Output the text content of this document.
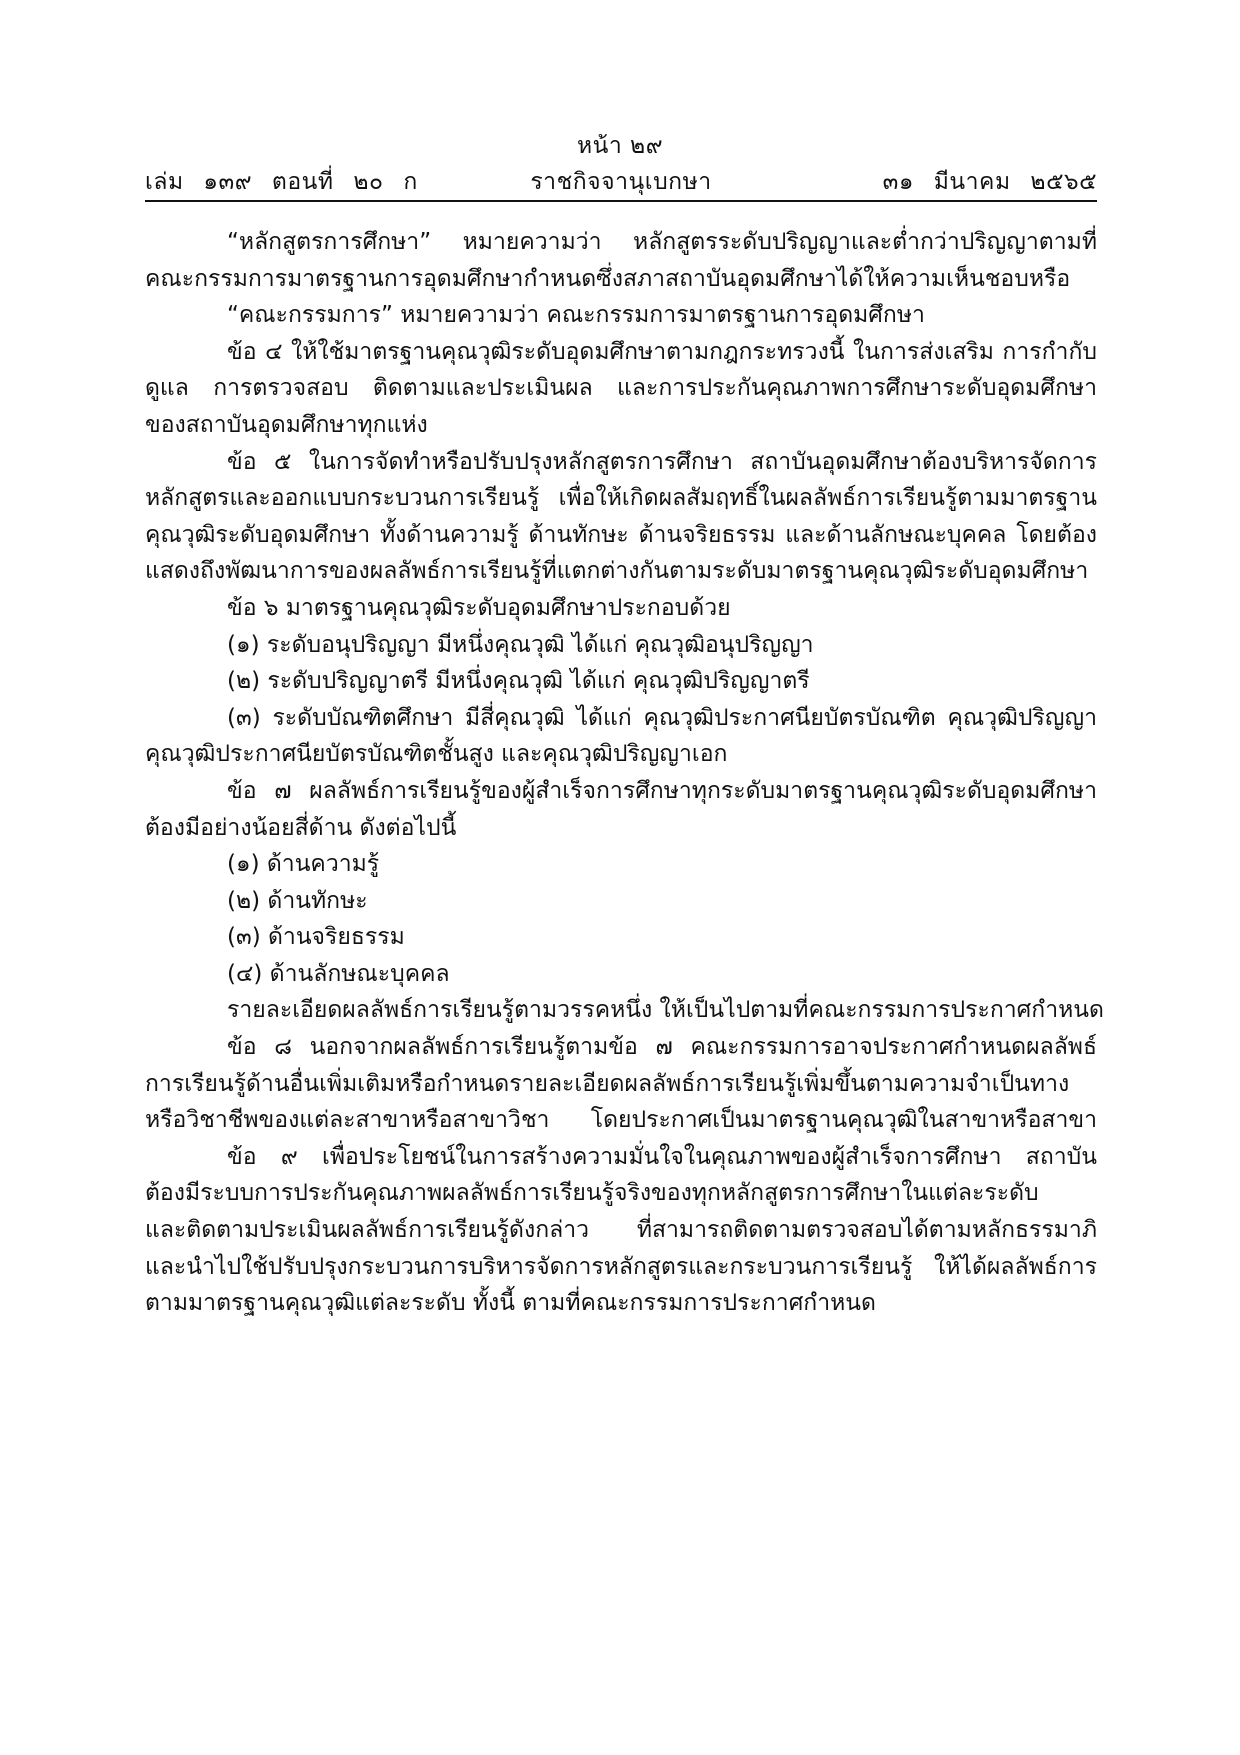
หน้า ๒๙
เล่ม ๑๓๙ ตอนที่ ๒๐ ก	ราชกิจจานุเบกษา	๓๑ มีนาคม ๒๕๖๕
“หลักสูตรการศึกษา” หมายความว่า หลักสูตรระดับปริญญาและต่ำกว่าปริญญาตามที่
คณะกรรมการมาตรฐานการอุดมศึกษากำหนดซึ่งสภาสถาบันอุดมศึกษาได้ให้ความเห็นชอบหรือ
“คณะกรรมการ” หมายความว่า คณะกรรมการมาตรฐานการอุดมศึกษา
ข้อ ๔ ให้ใช้มาตรฐานคุณวุฒิระดับอุดมศึกษาตามกฎกระทรวงนี้ ในการส่งเสริม การกำกับ
ดูแล การตรวจสอบ ติดตามและประเมินผล และการประกันคุณภาพการศึกษาระดับอุดมศึกษา
ของสถาบันอุดมศึกษาทุกแห่ง
ข้อ ๕ ในการจัดทำหรือปรับปรุงหลักสูตรการศึกษา สถาบันอุดมศึกษาต้องบริหารจัดการ
หลักสูตรและออกแบบกระบวนการเรียนรู้ เพื่อให้เกิดผลสัมฤทธิ์ในผลลัพธ์การเรียนรู้ตามมาตรฐาน
คุณวุฒิระดับอุดมศึกษา ทั้งด้านความรู้ ด้านทักษะ ด้านจริยธรรม และด้านลักษณะบุคคล โดยต้อง
แสดงถึงพัฒนาการของผลลัพธ์การเรียนรู้ที่แตกต่างกันตามระดับมาตรฐานคุณวุฒิระดับอุดมศึกษา
ข้อ ๖ มาตรฐานคุณวุฒิระดับอุดมศึกษาประกอบด้วย
(๑) ระดับอนุปริญญา มีหนึ่งคุณวุฒิ ได้แก่ คุณวุฒิอนุปริญญา
(๒) ระดับปริญญาตรี มีหนึ่งคุณวุฒิ ได้แก่ คุณวุฒิปริญญาตรี
(๓) ระดับบัณฑิตศึกษา มีสี่คุณวุฒิ ได้แก่ คุณวุฒิประกาศนียบัตรบัณฑิต คุณวุฒิปริญญา
คุณวุฒิประกาศนียบัตรบัณฑิตชั้นสูง และคุณวุฒิปริญญาเอก
ข้อ ๗ ผลลัพธ์การเรียนรู้ของผู้สำเร็จการศึกษาทุกระดับมาตรฐานคุณวุฒิระดับอุดมศึกษา
ต้องมีอย่างน้อยสี่ด้าน ดังต่อไปนี้
(๑) ด้านความรู้
(๒) ด้านทักษะ
(๓) ด้านจริยธรรม
(๔) ด้านลักษณะบุคคล
รายละเอียดผลลัพธ์การเรียนรู้ตามวรรคหนึ่ง ให้เป็นไปตามที่คณะกรรมการประกาศกำหนด
ข้อ ๘ นอกจากผลลัพธ์การเรียนรู้ตามข้อ ๗ คณะกรรมการอาจประกาศกำหนดผลลัพธ์
การเรียนรู้ด้านอื่นเพิ่มเติมหรือกำหนดรายละเอียดผลลัพธ์การเรียนรู้เพิ่มขึ้นตามความจำเป็นทาง
หรือวิชาชีพของแต่ละสาขาหรือสาขาวิชา โดยประกาศเป็นมาตรฐานคุณวุฒิในสาขาหรือสาขา
ข้อ ๙ เพื่อประโยชน์ในการสร้างความมั่นใจในคุณภาพของผู้สำเร็จการศึกษา สถาบัน
ต้องมีระบบการประกันคุณภาพผลลัพธ์การเรียนรู้จริงของทุกหลักสูตรการศึกษาในแต่ละระดับ
และติดตามประเมินผลลัพธ์การเรียนรู้ดังกล่าว ที่สามารถติดตามตรวจสอบได้ตามหลักธรรมาภิ
และนำไปใช้ปรับปรุงกระบวนการบริหารจัดการหลักสูตรและกระบวนการเรียนรู้ ให้ได้ผลลัพธ์การ
ตามมาตรฐานคุณวุฒิแต่ละระดับ ทั้งนี้ ตามที่คณะกรรมการประกาศกำหนด
